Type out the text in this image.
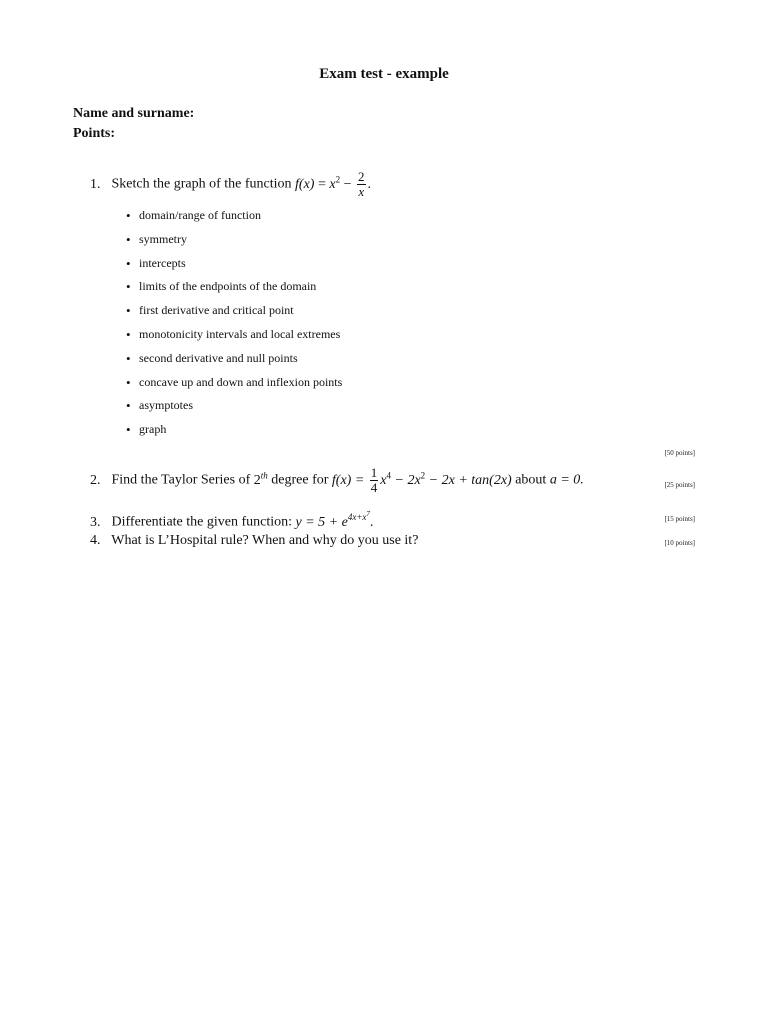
Exam test - example
Name and surname:
Points:
1. Sketch the graph of the function $f(x) = x^2 - \frac{2}{x}$ .
• domain/range of function
• symmetry
• intercepts
• limits of the endpoints of the domain
• first derivative and critical point
• monotonicity intervals and local extremes
• second derivative and null points
• concave up and down and inflexion points
• asymptotes
• graph
[50 points]
2. Find the Taylor Series of 2th degree for $f(x) = \frac{1}{4} x^4 - 2x^2 - 2x + \tan(2x)$ about a = 0.	[25 points]
3. Differentiate the given function: $y = 5 + e^{4x+x^7}$.	[15 points]
4. What is L’Hospital rule? When and why do you use it?	[10 points]
